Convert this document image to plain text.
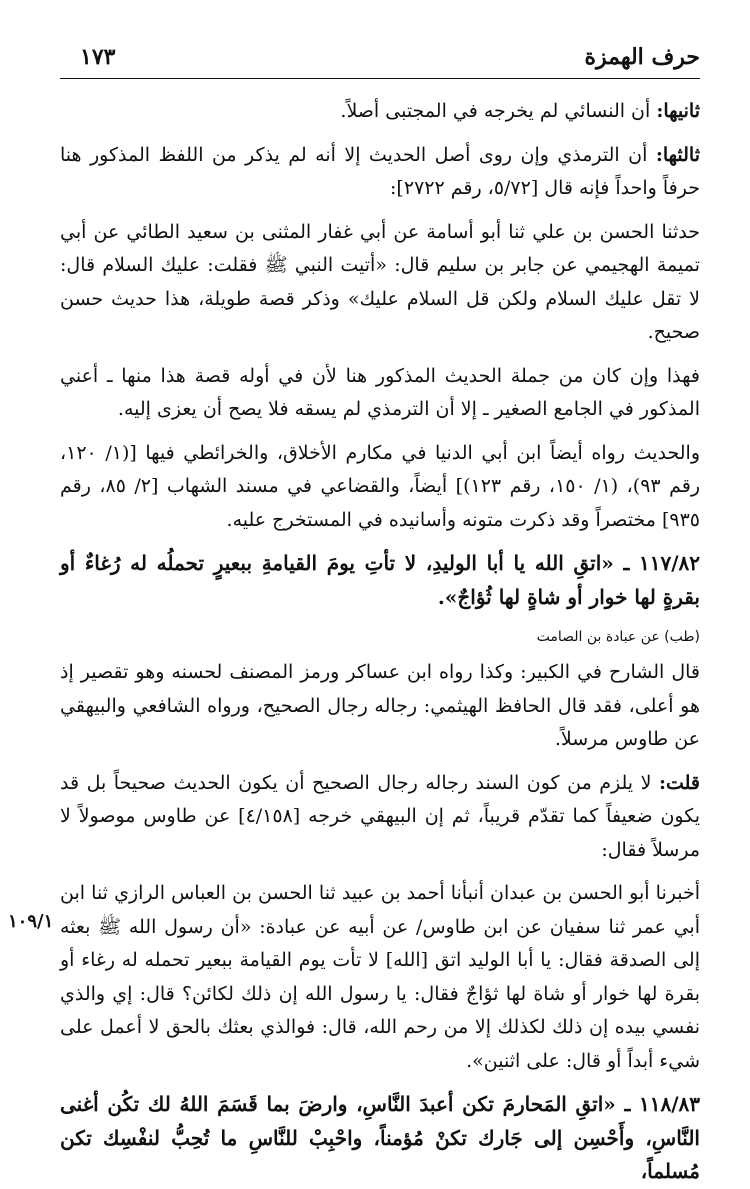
حرف الهمزة
١٧٣

ثانيها: أن النسائي لم يخرجه في المجتبى أصلاً.

ثالثها: أن الترمذي وإن روى أصل الحديث إلا أنه لم يذكر من اللفظ المذكور هنا حرفاً واحداً فإنه قال [٥/٧٢، رقم ٢٧٢٢]:

حدثنا الحسن بن علي ثنا أبو أسامة عن أبي غفار المثنى بن سعيد الطائي عن أبي تميمة الهجيمي عن جابر بن سليم قال: «أتيت النبي ﷺ فقلت: عليك السلام قال: لا تقل عليك السلام ولكن قل السلام عليك» وذكر قصة طويلة، هذا حديث حسن صحيح.

فهذا وإن كان من جملة الحديث المذكور هنا لأن في أوله قصة هذا منها ـ أعني المذكور في الجامع الصغير ـ إلا أن الترمذي لم يسقه فلا يصح أن يعزى إليه.

والحديث رواه أيضاً ابن أبي الدنيا في مكارم الأخلاق، والخرائطي فيها [(١/ ١٢٠، رقم ٩٣)، (١/ ١٥٠، رقم ١٢٣)] أيضاً، والقضاعي في مسند الشهاب [٢/ ٨٥، رقم ٩٣٥] مختصراً وقد ذكرت متونه وأسانيده في المستخرج عليه.

١١٧/٨٢ ـ «اتقِ الله يا أبا الوليدِ، لا تأتِ يومَ القيامةِ ببعيرٍ تحملُه له رُغاءٌ أو بقرةٍ لها خوار أو شاةٍ لها ثُؤاجٌ».

(طب) عن عبادة بن الصامت

قال الشارح في الكبير: وكذا رواه ابن عساكر ورمز المصنف لحسنه وهو تقصير إذ هو أعلى، فقد قال الحافظ الهيثمي: رجاله رجال الصحيح، ورواه الشافعي والبيهقي عن طاوس مرسلاً.

قلت: لا يلزم من كون السند رجاله رجال الصحيح أن يكون الحديث صحيحاً بل قد يكون ضعيفاً كما تقدّم قريباً، ثم إن البيهقي خرجه [٤/١٥٨] عن طاوس موصولاً لا مرسلاً فقال:

أخبرنا أبو الحسن بن عبدان أنبأنا أحمد بن عبيد ثنا الحسن بن العباس الرازي ثنا ابن أبي عمر ثنا سفيان عن ابن طاوس/ عن أبيه عن عبادة: «أن رسول الله ﷺ بعثه إلى الصدقة فقال: يا أبا الوليد اتق [الله] لا تأت يوم القيامة ببعير تحمله له رغاء أو بقرة لها خوار أو شاة لها ثؤاجٌ فقال: يا رسول الله إن ذلك لكائن؟ قال: إي والذي نفسي بيده إن ذلك لكذلك إلا من رحم الله، قال: فوالذي بعثك بالحق لا أعمل على شيء أبداً أو قال: على اثنين».

١٠٩/١

١١٨/٨٣ ـ «اتقِ المَحارمَ تكن أعبدَ النَّاسِ، وارضَ بما قَسَمَ اللهُ لك تكُن أغنى النَّاسِ، وأَحْسِن إلى جَارك تكنْ مُؤمناً، واحْبِبْ للنَّاسِ ما تُحِبُّ لنفْسِك تكن مُسلماً،
